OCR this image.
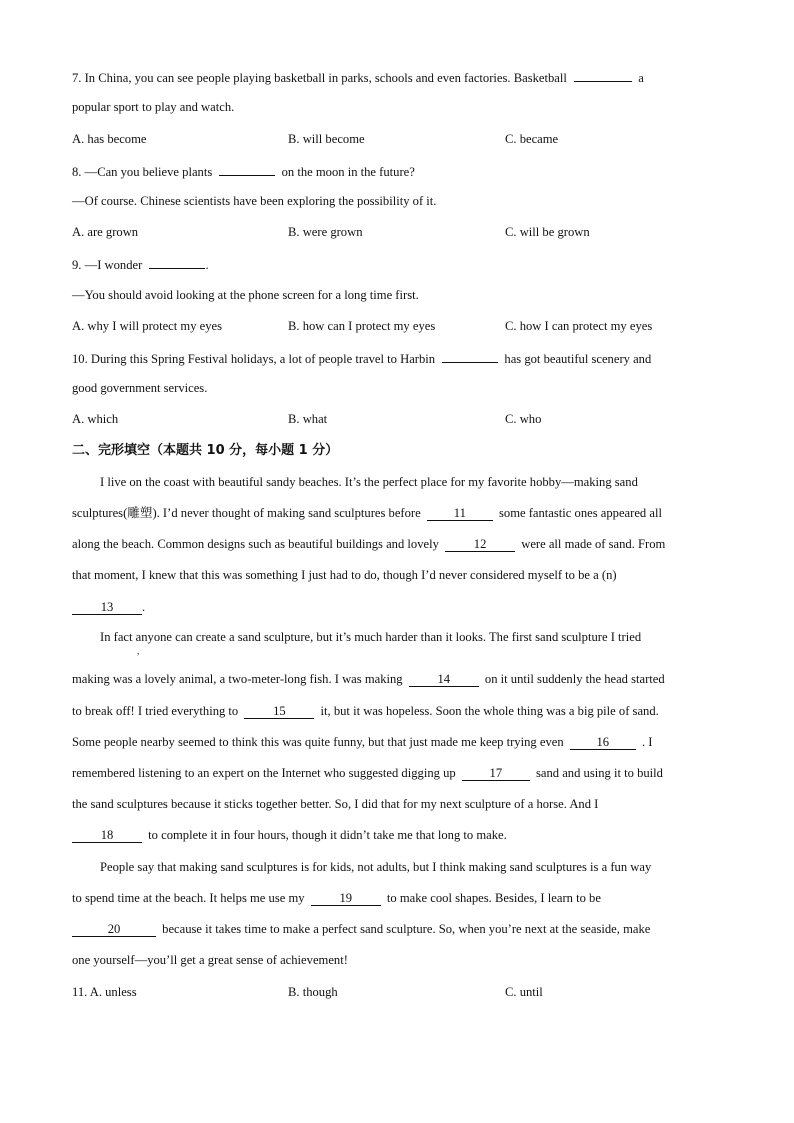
7. In China, you can see people playing basketball in parks, schools and even factories. Basketball	a
popular sport to play and watch.
A. has become	B. will become	C. became
8. —Can you believe plants	on the moon in the future?
—Of course. Chinese scientists have been exploring the possibility of it.
A. are grown	B. were grown	C. will be grown
9. —I wonder	.
—You should avoid looking at the phone screen for a long time first.
A. why I will protect my eyes	B. how can I protect my eyes	C. how I can protect my eyes
10. During this Spring Festival holidays, a lot of people travel to Harbin	has got beautiful scenery and
good government services.
A. which	B. what	C. who
二、完形填空（本题共 10 分，每小题 1 分）
I live on the coast with beautiful sandy beaches. It’s the perfect place for my favorite hobby—making sand
sculptures(雕塑). I’d never thought of making sand sculptures before	11	some fantastic ones appeared all
along the beach. Common designs such as beautiful buildings and lovely	12	were all made of sand. From
that moment, I knew that this was something I just had to do, though I’d never considered myself to be a (n)
13 .
In fact anyone can create a sand sculpture, but it’s much harder than it looks. The first sand sculpture I tried
,
making was a lovely animal, a two-meter-long fish. I was making	14	on it until suddenly the head started
to break off! I tried everything to	15	it, but it was hopeless. Soon the whole thing was a big pile of sand.
Some people nearby seemed to think this was quite funny, but that just made me keep trying even	16	. I
remembered listening to an expert on the Internet who suggested digging up	17	sand and using it to build
the sand sculptures because it sticks together better. So, I did that for my next sculpture of a horse. And I
18	to complete it in four hours, though it didn’t take me that long to make.
People say that making sand sculptures is for kids, not adults, but I think making sand sculptures is a fun way
to spend time at the beach. It helps me use my	19	to make cool shapes. Besides, I learn to be
20	because it takes time to make a perfect sand sculpture. So, when you’re next at the seaside, make
one yourself—you’ll get a great sense of achievement!
11. A. unless	B. though	C. until
